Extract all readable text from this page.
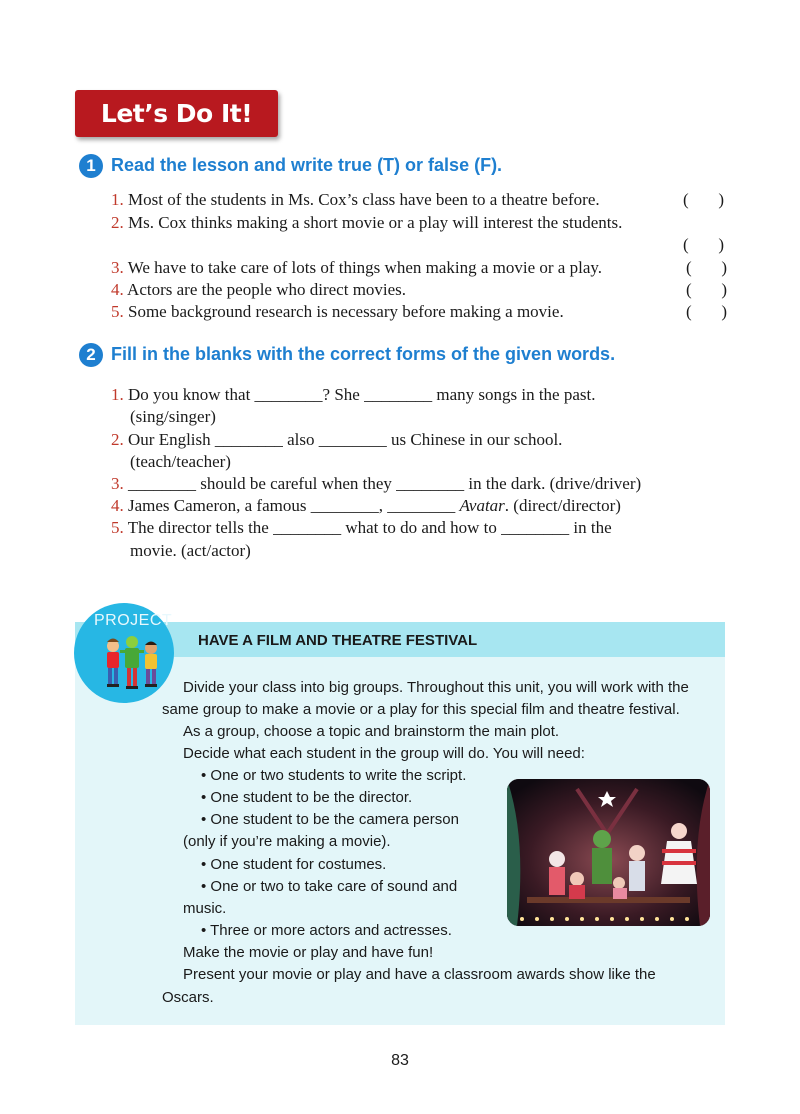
Let’s Do It!
1 Read the lesson and write true (T) or false (F).
1. Most of the students in Ms. Cox’s class have been to a theatre before.	(       )
2. Ms. Cox thinks making a short movie or a play will interest the students.
(       )
3. We have to take care of lots of things when making a movie or a play.	(       )
4. Actors are the people who direct movies.	(       )
5. Some background research is necessary before making a movie.	(       )
2 Fill in the blanks with the correct forms of the given words.
1. Do you know that ________? She ________ many songs in the past.
(sing/singer)
2. Our English ________ also ________ us Chinese in our school.
(teach/teacher)
3. ________ should be careful when they ________ in the dark. (drive/driver)
4. James Cameron, a famous ________, ________ Avatar. (direct/director)
5. The director tells the ________ what to do and how to ________ in the
movie. (act/actor)
HAVE A FILM AND THEATRE FESTIVAL
PROJECT
Divide your class into big groups. Throughout this unit, you will work with the
same group to make a movie or a play for this special film and theatre festival.
As a group, choose a topic and brainstorm the main plot.
Decide what each student in the group will do. You will need:
• One or two students to write the script.
• One student to be the director.
• One student to be the camera person
(only if you’re making a movie).
• One student for costumes.
• One or two to take care of sound and
music.
• Three or more actors and actresses.
Make the movie or play and have fun!
Present your movie or play and have a classroom awards show like the
Oscars.
83
